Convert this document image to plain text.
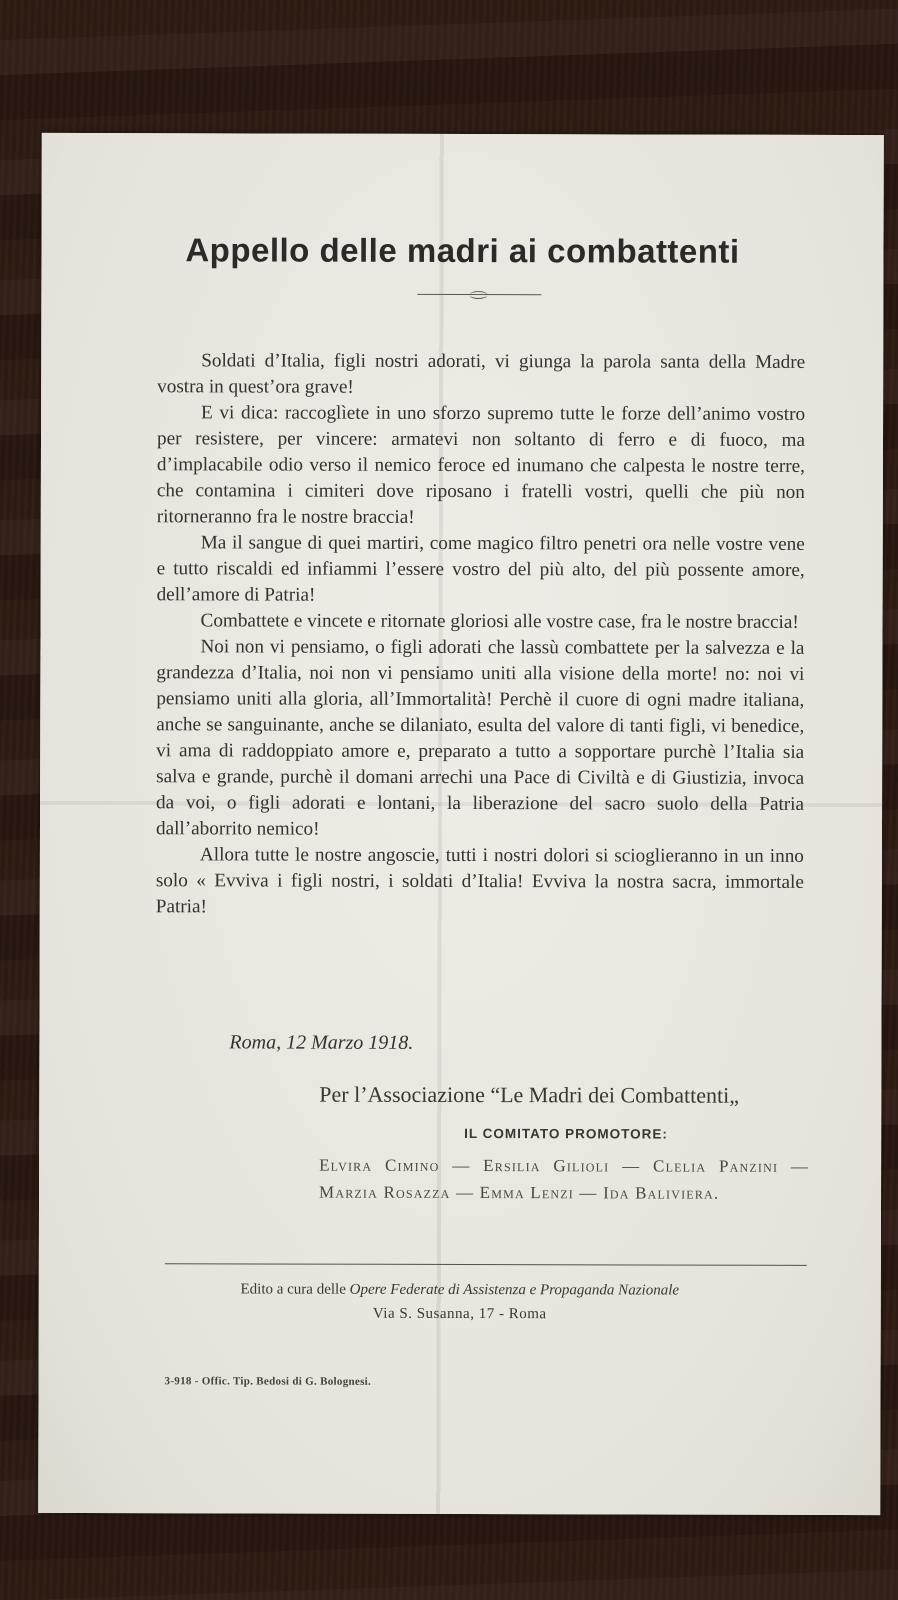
Appello delle madri ai combattenti

Soldati d’Italia, figli nostri adorati, vi giunga la parola santa della Madre vostra in quest’ora grave!

E vi dica: raccoglìete in uno sforzo supremo tutte le forze dell’animo vostro per resistere, per vincere: armatevi non soltanto di ferro e di fuoco, ma d’implacabile odio verso il nemico feroce ed inumano che calpesta le nostre terre, che contamina i cimiteri dove riposano i fratelli vostri, quelli che più non ritorneranno fra le nostre braccia!

Ma il sangue di quei martiri, come magico filtro penetri ora nelle vostre vene e tutto riscaldi ed infiammi l’essere vostro del più alto, del più possente amore, dell’amore di Patria!

Combattete e vincete e ritornate gloriosi alle vostre case, fra le nostre braccia!

Noi non vi pensiamo, o figli adorati che lassù combattete per la salvezza e la grandezza d’Italia, noi non vi pensiamo uniti alla visione della morte! no: noi vi pensiamo uniti alla gloria, all’Immortalità! Perchè il cuore di ogni madre italiana, anche se sanguinante, anche se dilaniato, esulta del valore di tanti figli, vi benedice, vi ama di raddoppiato amore e, preparato a tutto a sopportare purchè l’Italia sia salva e grande, purchè il domani arrechi una Pace di Civiltà e di Giustizia, invoca da voi, o figli adorati e lontani, la liberazione del sacro suolo della Patria dall’aborrito nemico!

Allora tutte le nostre angoscie, tutti i nostri dolori si scioglieranno in un inno solo « Evviva i figli nostri, i soldati d’Italia! Evviva la nostra sacra, immortale Patria!

Roma, 12 Marzo 1918.
Per l’Associazione “Le Madri dei Combattenti„
IL COMITATO PROMOTORE:
Elvira Cimino — Ersilia Gilioli — Clelia Panzini — Marzia Rosazza — Emma Lenzi — Ida Baliviera.
Edito a cura delle Opere Federate di Assistenza e Propaganda Nazionale
Via S. Susanna, 17 - Roma
3-918 - Offic. Tip. Bedosi di G. Bolognesi.
